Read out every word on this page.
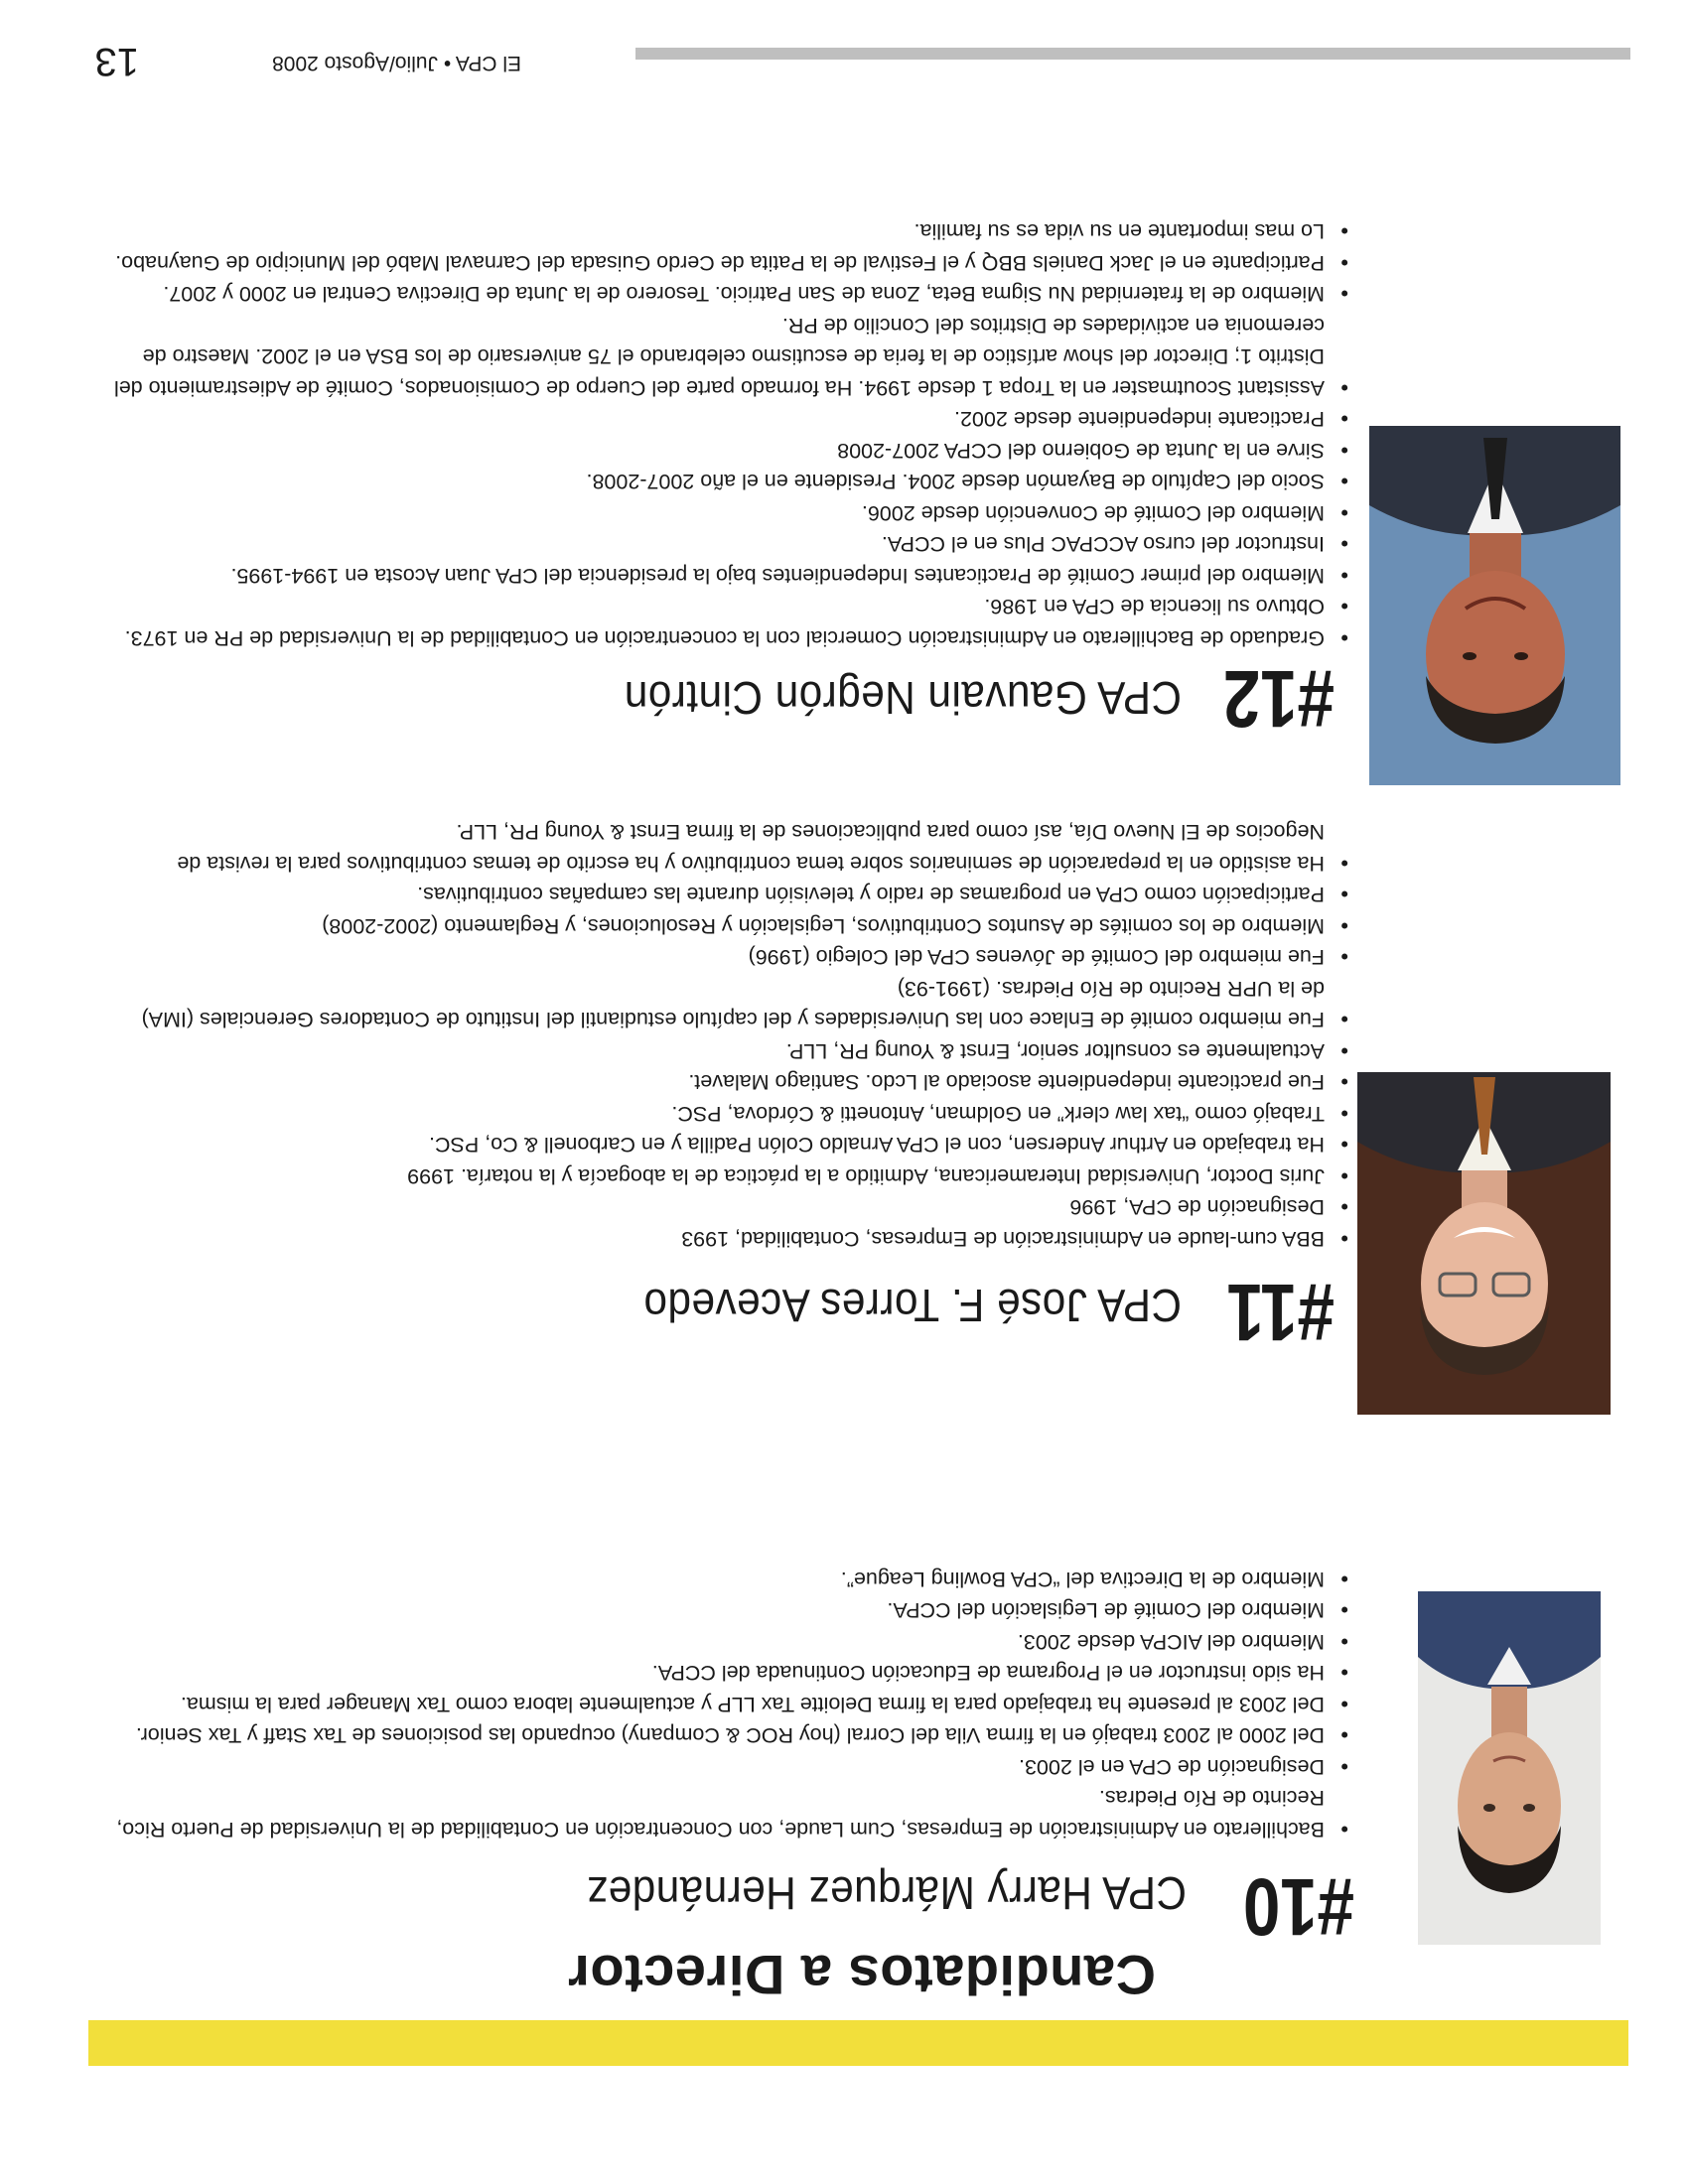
Candidatos a Director
#10
CPA Harry Márquez Hernández
• Bachillerato en Administración de Empresas, Cum Laude, con Concentración en Contabilidad de la Universidad de Puerto Rico, Recinto de Río Piedras.
• Designación de CPA en el 2003.
• Del 2000 al 2003 trabajó en la firma Vila del Corral (hoy ROC & Company) ocupando las posiciones de Tax Staff y Tax Senior.
• Del 2003 al presente ha trabajado para la firma Deloitte Tax LLP y actualmente labora como Tax Manager para la misma.
• Ha sido instructor en el Programa de Educación Continuada del CCPA.
• Miembro del AICPA desde 2003.
• Miembro del Comité de Legislación del CCPA.
• Miembro de la Directiva del “CPA Bowling League”.
#11
CPA José F. Torres Acevedo
• BBA cum-laude en Administración de Empresas, Contabilidad, 1993
• Designación de CPA, 1996
• Juris Doctor, Universidad Interamericana, Admitido a la práctica de la abogacía y la notaría. 1999
• Ha trabajado en Arthur Andersen, con el CPA Arnaldo Colón Padilla y en Carbonell & Co, PSC.
• Trabajó como “tax law clerk” en Goldman, Antonetti & Córdova, PSC.
• Fue practicante independiente asociado al Lcdo. Santiago Malavet.
• Actualmente es consultor senior, Ernst & Young PR, LLP.
• Fue miembro comité de Enlace con las Universidades y del capítulo estudiantil del Instituto de Contadores Gerenciales (IMA) de la UPR Recinto de Río Piedras. (1991-93)
• Fue miembro del Comité de Jóvenes CPA del Colegio (1996)
• Miembro de los comités de Asuntos Contributivos, Legislación y Resoluciones, y Reglamento (2002-2008)
• Participación como CPA en programas de radio y televisión durante las campañas contributivas.
• Ha asistido en la preparación de seminarios sobre tema contributivo y ha escrito de temas contributivos para la revista de Negocios de El Nuevo Día, así como para publicaciones de la firma Ernst & Young PR, LLP.
#12
CPA Gauvain Negrón Cintrón
• Graduado de Bachillerato en Administración Comercial con la concentración en Contabilidad de la Universidad de PR en 1973.
• Obtuvo su licencia de CPA en 1986.
• Miembro del primer Comité de Practicantes Independientes bajo la presidencia del CPA Juan Acosta en 1994-1995.
• Instructor del curso ACCPAC Plus en el CCPA.
• Miembro del Comité de Convención desde 2006.
• Socio del Capítulo de Bayamón desde 2004. Presidente en el año 2007-2008.
• Sirve en la Junta de Gobierno del CCPA 2007-2008
• Practicante independiente desde 2002.
• Assistant Scoutmaster en la Tropa 1 desde 1994. Ha formado parte del Cuerpo de Comisionados, Comité de Adiestramiento del Distrito 1; Director del show artístico de la feria de escutismo celebrando el 75 aniversario de los BSA en el 2002. Maestro de ceremonia en actividades de Distritos del Concilio de PR.
• Miembro de la fraternidad Nu Sigma Beta, Zona de San Patricio. Tesorero de la Junta de Directiva Central en 2000 y 2007.
• Participante en el Jack Daniels BBQ y el Festival de la Patita de Cerdo Guisada del Carnaval Mabó del Municipio de Guaynabo.
• Lo mas importante en su vida es su familia.
El CPA • Julio/Agosto 2008
13
